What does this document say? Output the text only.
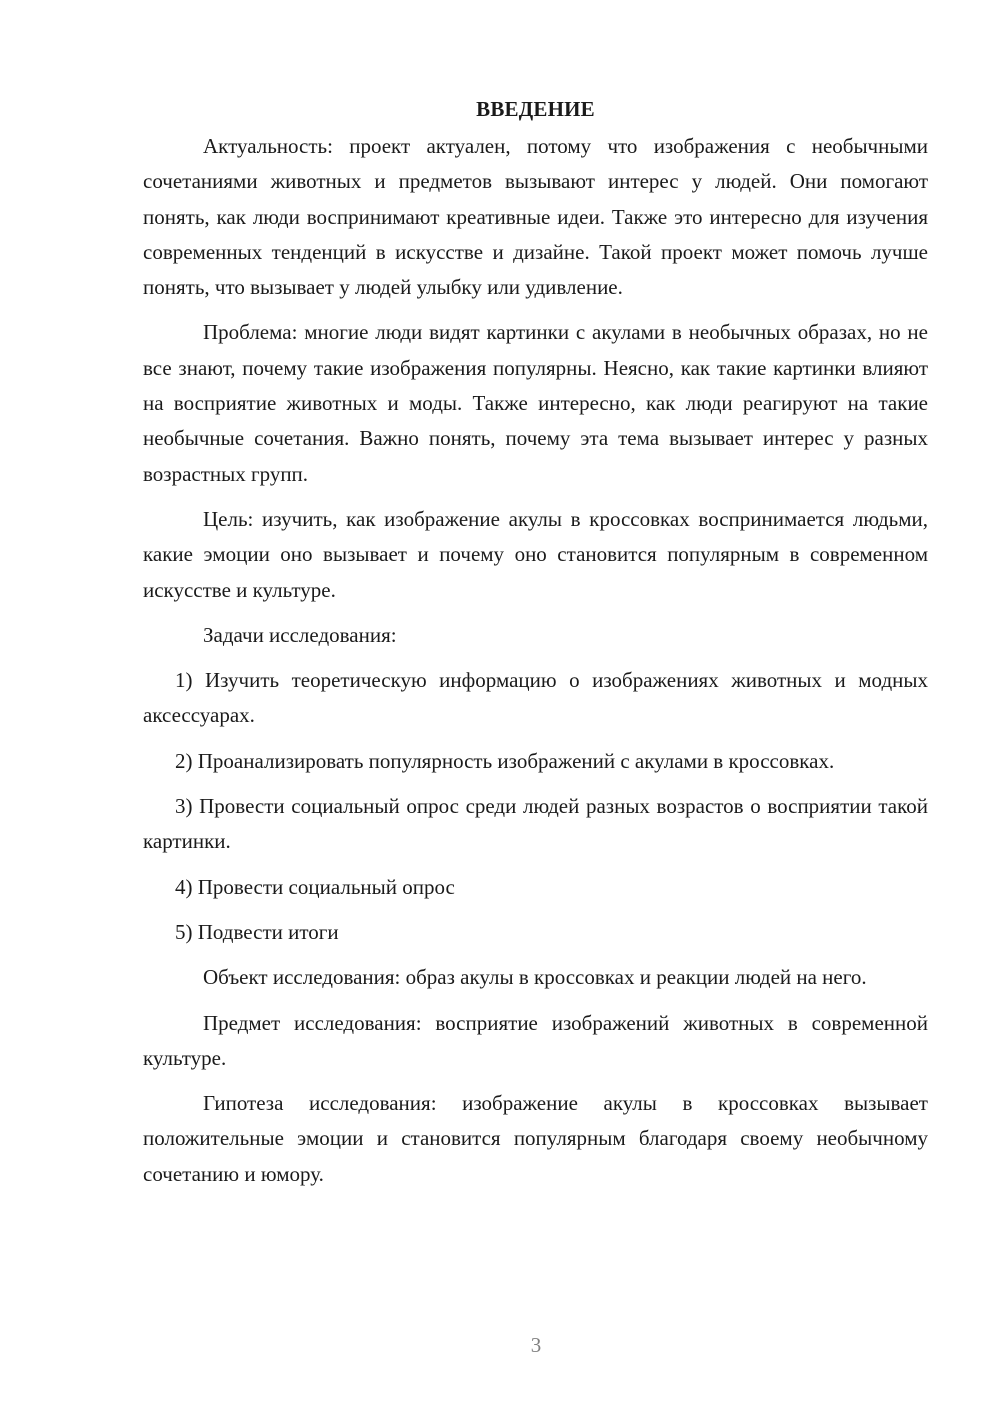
ВВЕДЕНИЕ

Актуальность: проект актуален, потому что изображения с необычными сочетаниями животных и предметов вызывают интерес у людей. Они помогают понять, как люди воспринимают креативные идеи. Также это интересно для изучения современных тенденций в искусстве и дизайне. Такой проект может помочь лучше понять, что вызывает у людей улыбку или удивление.

Проблема: многие люди видят картинки с акулами в необычных образах, но не все знают, почему такие изображения популярны. Неясно, как такие картинки влияют на восприятие животных и моды. Также интересно, как люди реагируют на такие необычные сочетания. Важно понять, почему эта тема вызывает интерес у разных возрастных групп.

Цель: изучить, как изображение акулы в кроссовках воспринимается людьми, какие эмоции оно вызывает и почему оно становится популярным в современном искусстве и культуре.

Задачи исследования:

1) Изучить теоретическую информацию о изображениях животных и модных аксессуарах.

2) Проанализировать популярность изображений с акулами в кроссовках.

3) Провести социальный опрос среди людей разных возрастов о восприятии такой картинки.

4) Провести социальный опрос

5) Подвести итоги

Объект исследования: образ акулы в кроссовках и реакции людей на него.

Предмет исследования: восприятие изображений животных в современной культуре.

Гипотеза исследования: изображение акулы в кроссовках вызывает положительные эмоции и становится популярным благодаря своему необычному сочетанию и юмору.

3
